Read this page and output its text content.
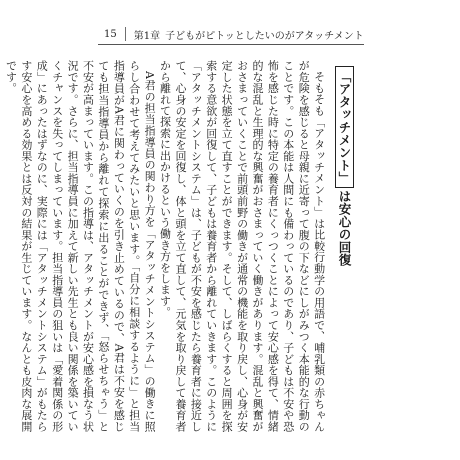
15 第1章 子どもがピトッとしたいのがアタッチメント
「アタッチメント」は安心の回復

そもそも「アタッチメント」は比較行動学の用語で、哺乳類の赤ちゃんが危険を感じると母親に近寄って腹の下などにしがみつく本能的な行動のことです。この本能は人間にも備わっているのであり、子どもは不安や恐怖を感じた時に特定の養育者にくっつくことによって安心感を得て、情緒的な混乱と生理的な興奮がおさまっていく働きがあります。混乱と興奮がおさまっていくことで前頭前野の働きが通常の機能を取り戻し、心身が安定した状態を立て直すことができます。そして、しばらくすると周囲を探索する意欲が回復して、子どもは養育者から離れていきます。このように「アタッチメントシステム」は、子どもが不安を感じたら養育者に接近して、心身の安定を回復し、体と頭を立て直して、元気を取り戻して養育者から離れて探索に出かけるという働き方をします。

A君の担当指導員の関わり方を「アタッチメントシステム」の働きに照らし合わせて考えてみたいと思います。「自分に相談するように」と担当指導員がA君に関わっていくのを引き止めているので、A君は不安を感じても担当指導員から離れて探索に出ることができず、「怒らせちゃう」と不安が高まっています。この指導は、アタッチメントが安心感を損なう状況です。さらに、担当指導員に加えて新しい先生とも良い関係を築いていくチャンスを失ってしまっています。担当指導員の狙いは「愛着関係の形成」にあったはずなのに、実際には「アタッチメントシステム」がもたらす安心を高める効果とは反対の結果が生じています。なんとも皮肉な展開です。
